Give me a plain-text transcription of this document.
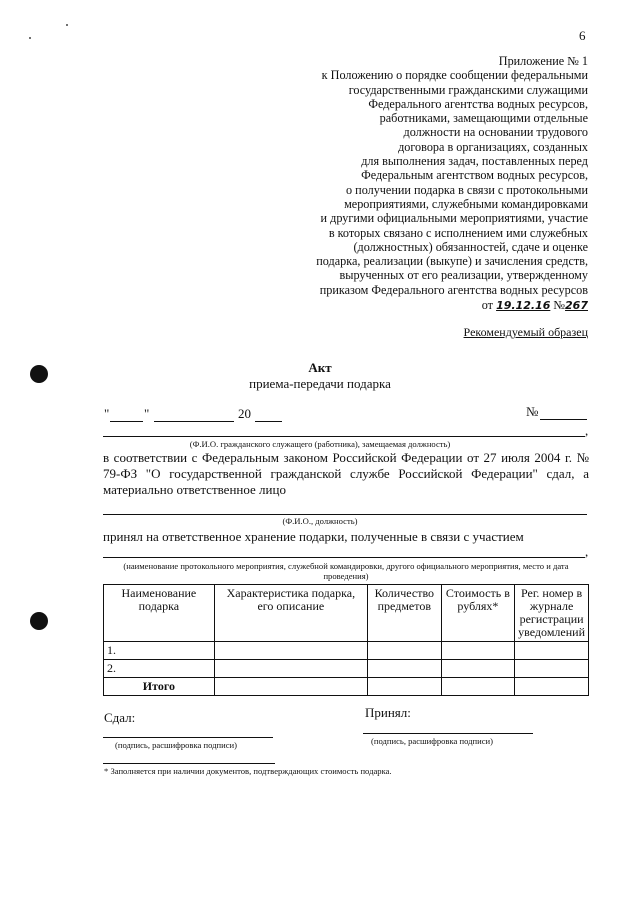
6
Приложение № 1
к Положению о порядке сообщении федеральными
государственными гражданскими служащими
Федерального агентства водных ресурсов,
работниками, замещающими отдельные
должности на основании трудового
договора в организациях, созданных
для выполнения задач, поставленных перед
Федеральным агентством водных ресурсов,
о получении подарка в связи с протокольными
мероприятиями, служебными командировками
и другими официальными мероприятиями, участие
в которых связано с исполнением ими служебных
(должностных) обязанностей, сдаче и оценке
подарка, реализации (выкупе) и зачисления средств,
вырученных от его реализации, утвержденному
приказом Федерального агентства водных ресурсов
от 19.12.16 №267
Рекомендуемый образец
Акт
приема-передачи подарка
"	"	20	№
,
(Ф.И.О. гражданского служащего (работника), замещаемая должность)
в соответствии с Федеральным законом Российской Федерации от 27 июля 2004 г. № 79-ФЗ "О государственной гражданской службе Российской Федерации" сдал, а материально ответственное лицо
(Ф.И.О., должность)
принял на ответственное хранение подарки, полученные в связи с участием
,
(наименование протокольного мероприятия, служебной командировки, другого официального мероприятия, место и дата проведения)
Наименование подарка	Характеристика подарка, его описание	Количество предметов	Стоимость в рублях*	Рег. номер в журнале регистрации уведомлений
1.				
2.				
Итого				
Сдал:
(подпись, расшифровка подписи)
Принял:
(подпись, расшифровка подписи)
* Заполняется при наличии документов, подтверждающих стоимость подарка.
